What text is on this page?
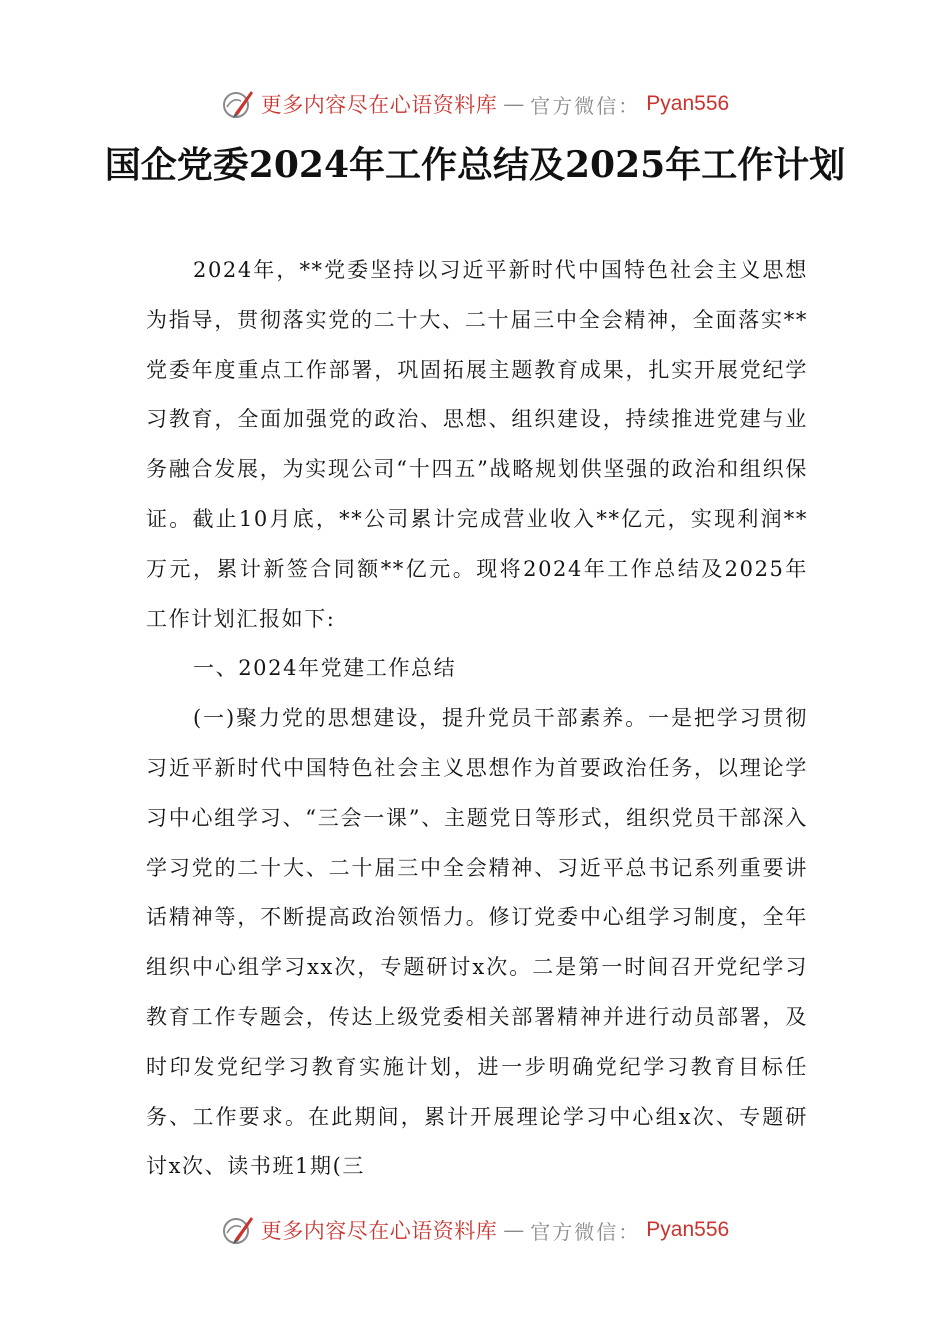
更多内容尽在心语资料库 — 官方微信： Pyan556
国企党委2024年工作总结及2025年工作计划

2024年，**党委坚持以习近平新时代中国特色社会主义思想为指导，贯彻落实党的二十大、二十届三中全会精神，全面落实**党委年度重点工作部署，巩固拓展主题教育成果，扎实开展党纪学习教育，全面加强党的政治、思想、组织建设，持续推进党建与业务融合发展，为实现公司“十四五”战略规划供坚强的政治和组织保证。截止10月底，**公司累计完成营业收入**亿元，实现利润**万元，累计新签合同额**亿元。现将2024年工作总结及2025年工作计划汇报如下:

一、2024年党建工作总结

(一)聚力党的思想建设，提升党员干部素养。一是把学习贯彻习近平新时代中国特色社会主义思想作为首要政治任务，以理论学习中心组学习、“三会一课”、主题党日等形式，组织党员干部深入学习党的二十大、二十届三中全会精神、习近平总书记系列重要讲话精神等，不断提高政治领悟力。修订党委中心组学习制度，全年组织中心组学习xx次，专题研讨x次。二是第一时间召开党纪学习教育工作专题会，传达上级党委相关部署精神并进行动员部署，及时印发党纪学习教育实施计划，进一步明确党纪学习教育目标任务、工作要求。在此期间，累计开展理论学习中心组x次、专题研讨x次、读书班1期(三

更多内容尽在心语资料库 — 官方微信： Pyan556
